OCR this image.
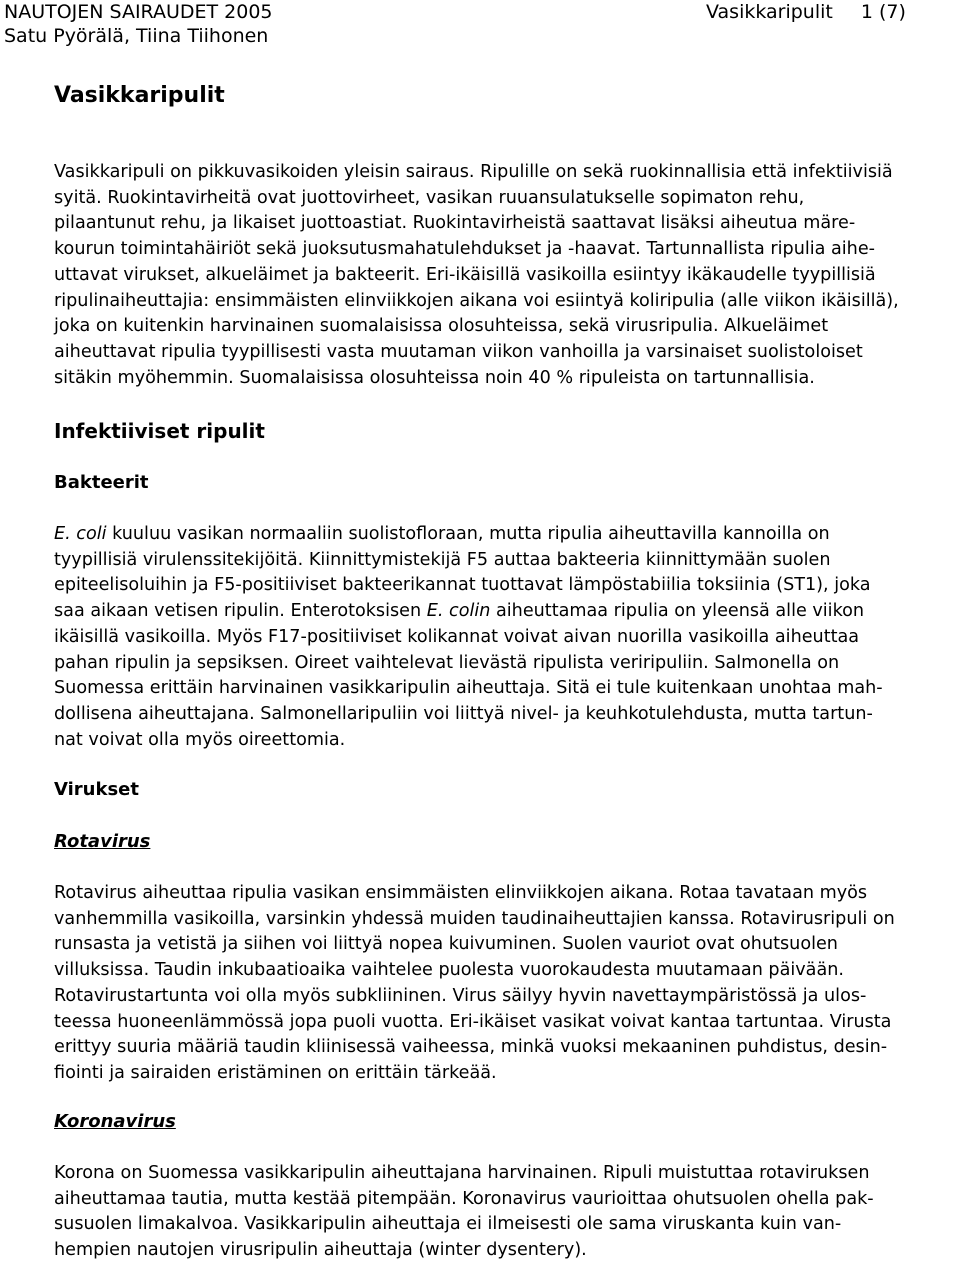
NAUTOJEN SAIRAUDET 2005
Satu Pyörälä, Tiina Tiihonen
Vasikkaripulit 1 (7)
Vasikkaripulit
Vasikkaripuli on pikkuvasikoiden yleisin sairaus. Ripulille on sekä ruokinnallisia että infektiivisiä
syitä. Ruokintavirheitä ovat juottovirheet, vasikan ruuansulatukselle sopimaton rehu,
pilaantunut rehu, ja likaiset juottoastiat. Ruokintavirheistä saattavat lisäksi aiheutua märe-
kourun toimintahäiriöt sekä juoksutusmahatulehdukset ja -haavat. Tartunnallista ripulia aihe-
uttavat virukset, alkueläimet ja bakteerit. Eri-ikäisillä vasikoilla esiintyy ikäkaudelle tyypillisiä
ripulinaiheuttajia: ensimmäisten elinviikkojen aikana voi esiintyä koliripulia (alle viikon ikäisillä),
joka on kuitenkin harvinainen suomalaisissa olosuhteissa, sekä virusripulia. Alkueläimet
aiheuttavat ripulia tyypillisesti vasta muutaman viikon vanhoilla ja varsinaiset suolistoloiset
sitäkin myöhemmin. Suomalaisissa olosuhteissa noin 40 % ripuleista on tartunnallisia.
Infektiiviset ripulit
Bakteerit
E. coli kuuluu vasikan normaaliin suolistofloraan, mutta ripulia aiheuttavilla kannoilla on
tyypillisiä virulenssitekijöitä. Kiinnittymistekijä F5 auttaa bakteeria kiinnittymään suolen
epiteelisoluihin ja F5-positiiviset bakteerikannat tuottavat lämpöstabiilia toksiinia (ST1), joka
saa aikaan vetisen ripulin. Enterotoksisen E. colin aiheuttamaa ripulia on yleensä alle viikon
ikäisillä vasikoilla. Myös F17-positiiviset kolikannat voivat aivan nuorilla vasikoilla aiheuttaa
pahan ripulin ja sepsiksen. Oireet vaihtelevat lievästä ripulista veriripuliin. Salmonella on
Suomessa erittäin harvinainen vasikkaripulin aiheuttaja. Sitä ei tule kuitenkaan unohtaa mah-
dollisena aiheuttajana. Salmonellaripuliin voi liittyä nivel- ja keuhkotulehdusta, mutta tartun-
nat voivat olla myös oireettomia.
Virukset
Rotavirus
Rotavirus aiheuttaa ripulia vasikan ensimmäisten elinviikkojen aikana. Rotaa tavataan myös
vanhemmilla vasikoilla, varsinkin yhdessä muiden taudinaiheuttajien kanssa. Rotavirusripuli on
runsasta ja vetistä ja siihen voi liittyä nopea kuivuminen. Suolen vauriot ovat ohutsuolen
villuksissa. Taudin inkubaatioaika vaihtelee puolesta vuorokaudesta muutamaan päivään.
Rotavirustartunta voi olla myös subkliininen. Virus säilyy hyvin navettaympäristössä ja ulos-
teessa huoneenlämmössä jopa puoli vuotta. Eri-ikäiset vasikat voivat kantaa tartuntaa. Virusta
erittyy suuria määriä taudin kliinisessä vaiheessa, minkä vuoksi mekaaninen puhdistus, desin-
fiointi ja sairaiden eristäminen on erittäin tärkeää.
Koronavirus
Korona on Suomessa vasikkaripulin aiheuttajana harvinainen. Ripuli muistuttaa rotaviruksen
aiheuttamaa tautia, mutta kestää pitempään. Koronavirus vaurioittaa ohutsuolen ohella pak-
susuolen limakalvoa. Vasikkaripulin aiheuttaja ei ilmeisesti ole sama viruskanta kuin van-
hempien nautojen virusripulin aiheuttaja (winter dysentery).
